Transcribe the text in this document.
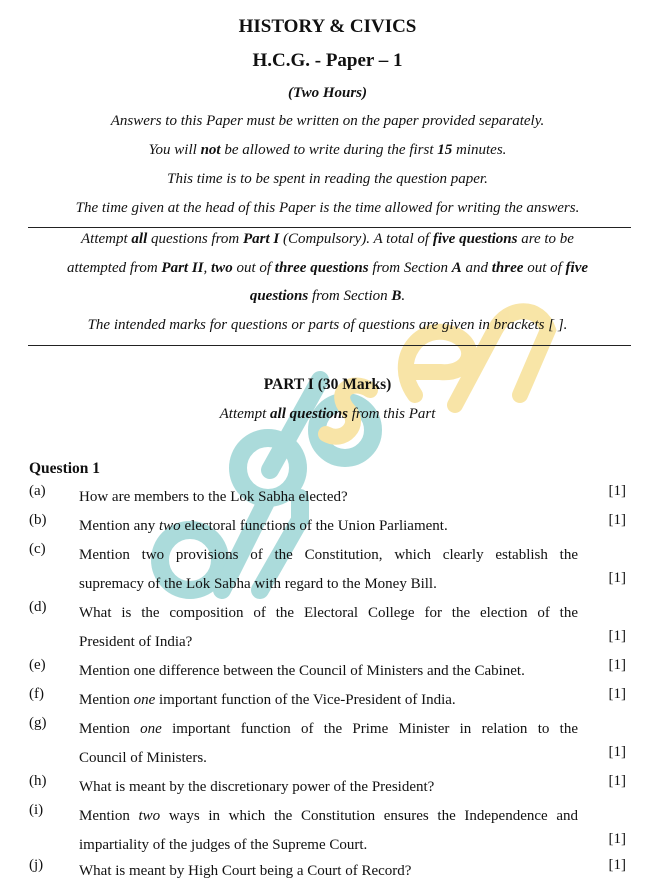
HISTORY & CIVICS
H.C.G. - Paper – 1
(Two Hours)
Answers to this Paper must be written on the paper provided separately.
You will not be allowed to write during the first 15 minutes.
This time is to be spent in reading the question paper.
The time given at the head of this Paper is the time allowed for writing the answers.
Attempt all questions from Part I (Compulsory). A total of five questions are to be
attempted from Part II, two out of three questions from Section A and three out of five
questions from Section B.
The intended marks for questions or parts of questions are given in brackets [ ].
PART I (30 Marks)
Attempt all questions from this Part
Question 1
(a) How are members to the Lok Sabha elected?	[1]
(b) Mention any two electoral functions of the Union Parliament.	[1]
(c) Mention two provisions of the Constitution, which clearly establish the
supremacy of the Lok Sabha with regard to the Money Bill.	[1]
(d) What is the composition of the Electoral College for the election of the
President of India?	[1]
(e) Mention one difference between the Council of Ministers and the Cabinet.	[1]
(f) Mention one important function of the Vice-President of India.	[1]
(g) Mention one important function of the Prime Minister in relation to the
Council of Ministers.	[1]
(h) What is meant by the discretionary power of the President?	[1]
(i) Mention two ways in which the Constitution ensures the Independence and
impartiality of the judges of the Supreme Court.	[1]
(j) What is meant by High Court being a Court of Record?	[1]
